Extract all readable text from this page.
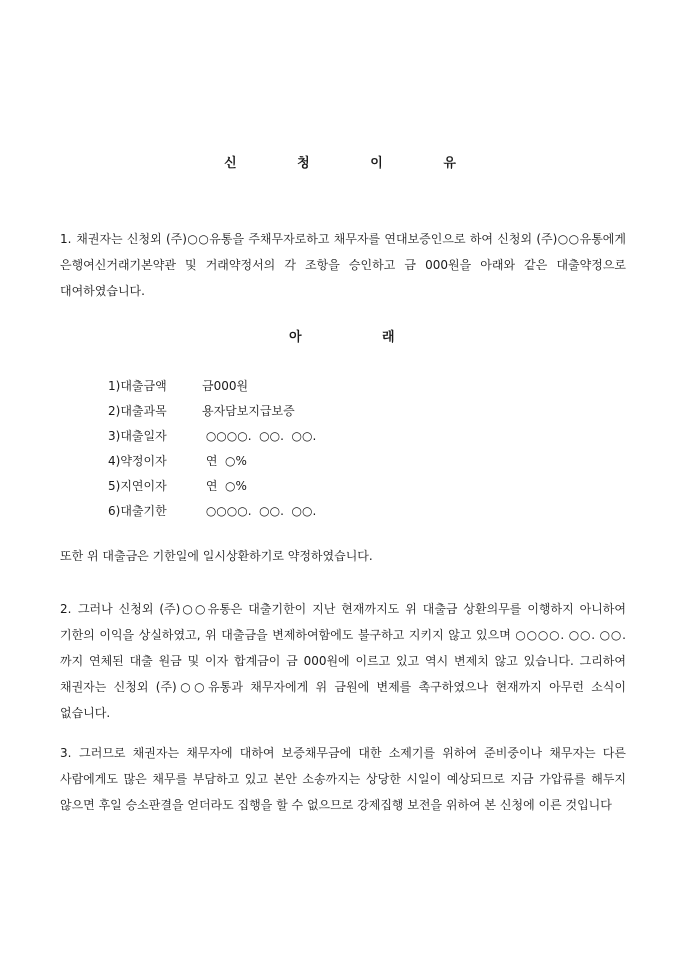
신 청 이 유
1. 채권자는 신청외 (주)○○유통을 주채무자로하고 채무자를 연대보증인으로 하여 신청외 (주)○○유통에게 은행여신거래기본약관 및 거래약정서의 각 조항을 승인하고 금 000원을 아래와 같은 대출약정으로 대여하였습니다.
아	래
1)대출금액	금000원
2)대출과목	용자담보지급보증
3)대출일자	○○○○.  ○○.  ○○.
4)약정이자	연  ○%
5)지연이자	연  ○%
6)대출기한	○○○○.  ○○.  ○○.
또한 위 대출금은 기한일에 일시상환하기로 약정하였습니다.
2. 그러나 신청외 (주)○○유통은 대출기한이 지난 현재까지도 위 대출금 상환의무를 이행하지 아니하여 기한의 이익을 상실하였고, 위 대출금을 변제하여함에도 불구하고 지키지 않고 있으며 ○○○○. ○○. ○○.까지 연체된 대출 원금 및 이자 합계금이 금 000원에 이르고 있고 역시 변제치 않고 있습니다. 그리하여 채권자는 신청외 (주)○○유통과 채무자에게 위 금원에 변제를 촉구하였으나 현재까지 아무런 소식이 없습니다.
3. 그러므로 채권자는 채무자에 대하여 보증채무금에 대한 소제기를 위하여 준비중이나 채무자는 다른 사람에게도 많은 채무를 부담하고 있고 본안 소송까지는 상당한 시일이 예상되므로 지금 가압류를 해두지 않으면 후일 승소판결을 얻더라도 집행을 할 수 없으므로 강제집행 보전을 위하여 본 신청에 이른 것입니다
